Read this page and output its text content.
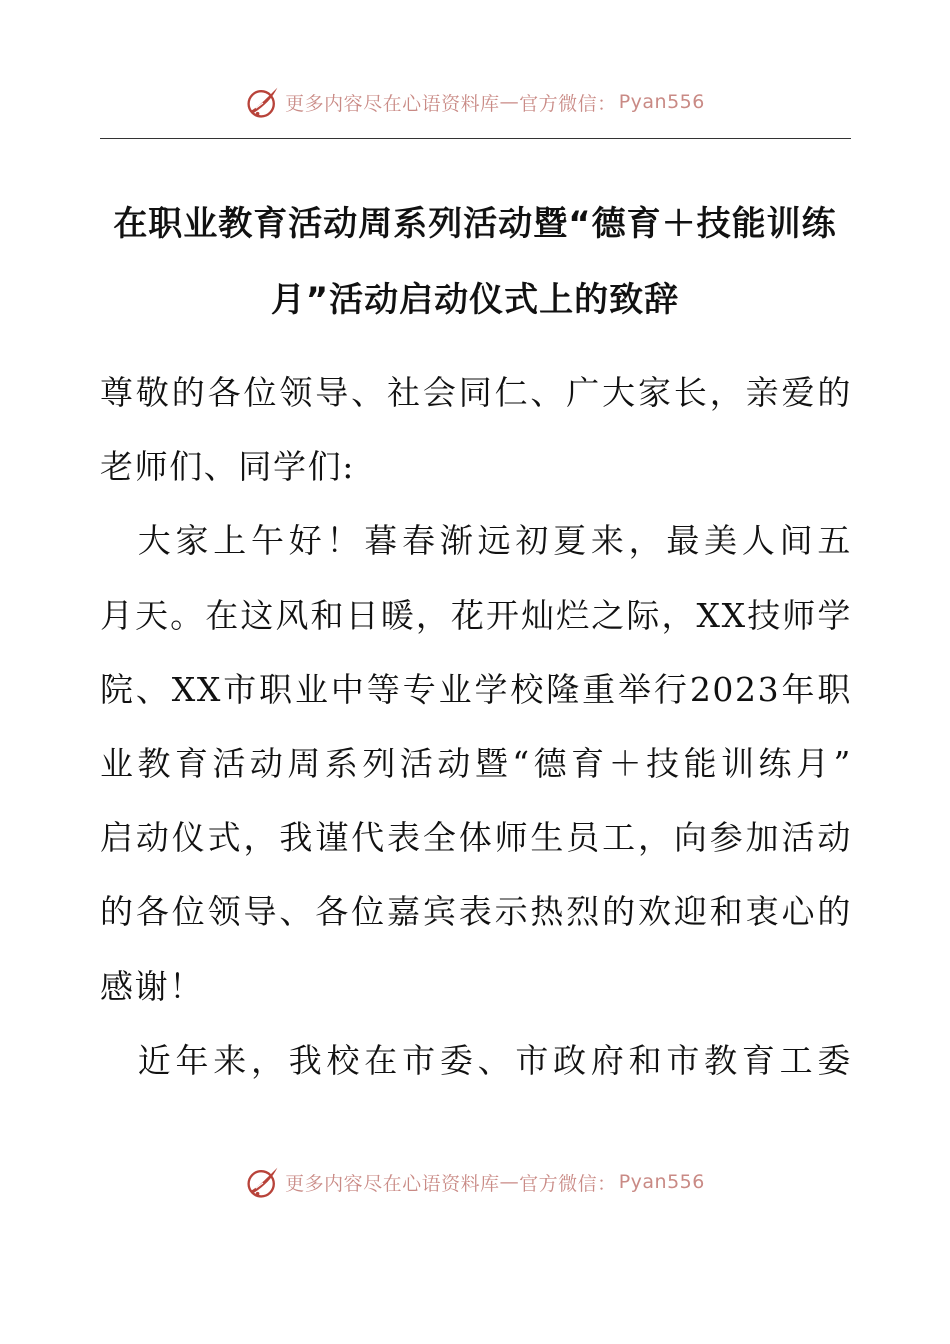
更多内容尽在心语资料库 — 官方微信： Pyan556
在职业教育活动周系列活动暨“德育＋技能训练
月”活动启动仪式上的致辞
尊敬的各位领导、社会同仁、广大家长，亲爱的
老师们、同学们:
　大家上午好！暮春渐远初夏来，最美人间五
月天。在这风和日暖，花开灿烂之际，XX技师学
院、XX市职业中等专业学校隆重举行2023年职
业教育活动周系列活动暨“德育＋技能训练月”
启动仪式，我谨代表全体师生员工，向参加活动
的各位领导、各位嘉宾表示热烈的欢迎和衷心的
感谢！
　近年来，我校在市委、市政府和市教育工委
更多内容尽在心语资料库 — 官方微信： Pyan556
